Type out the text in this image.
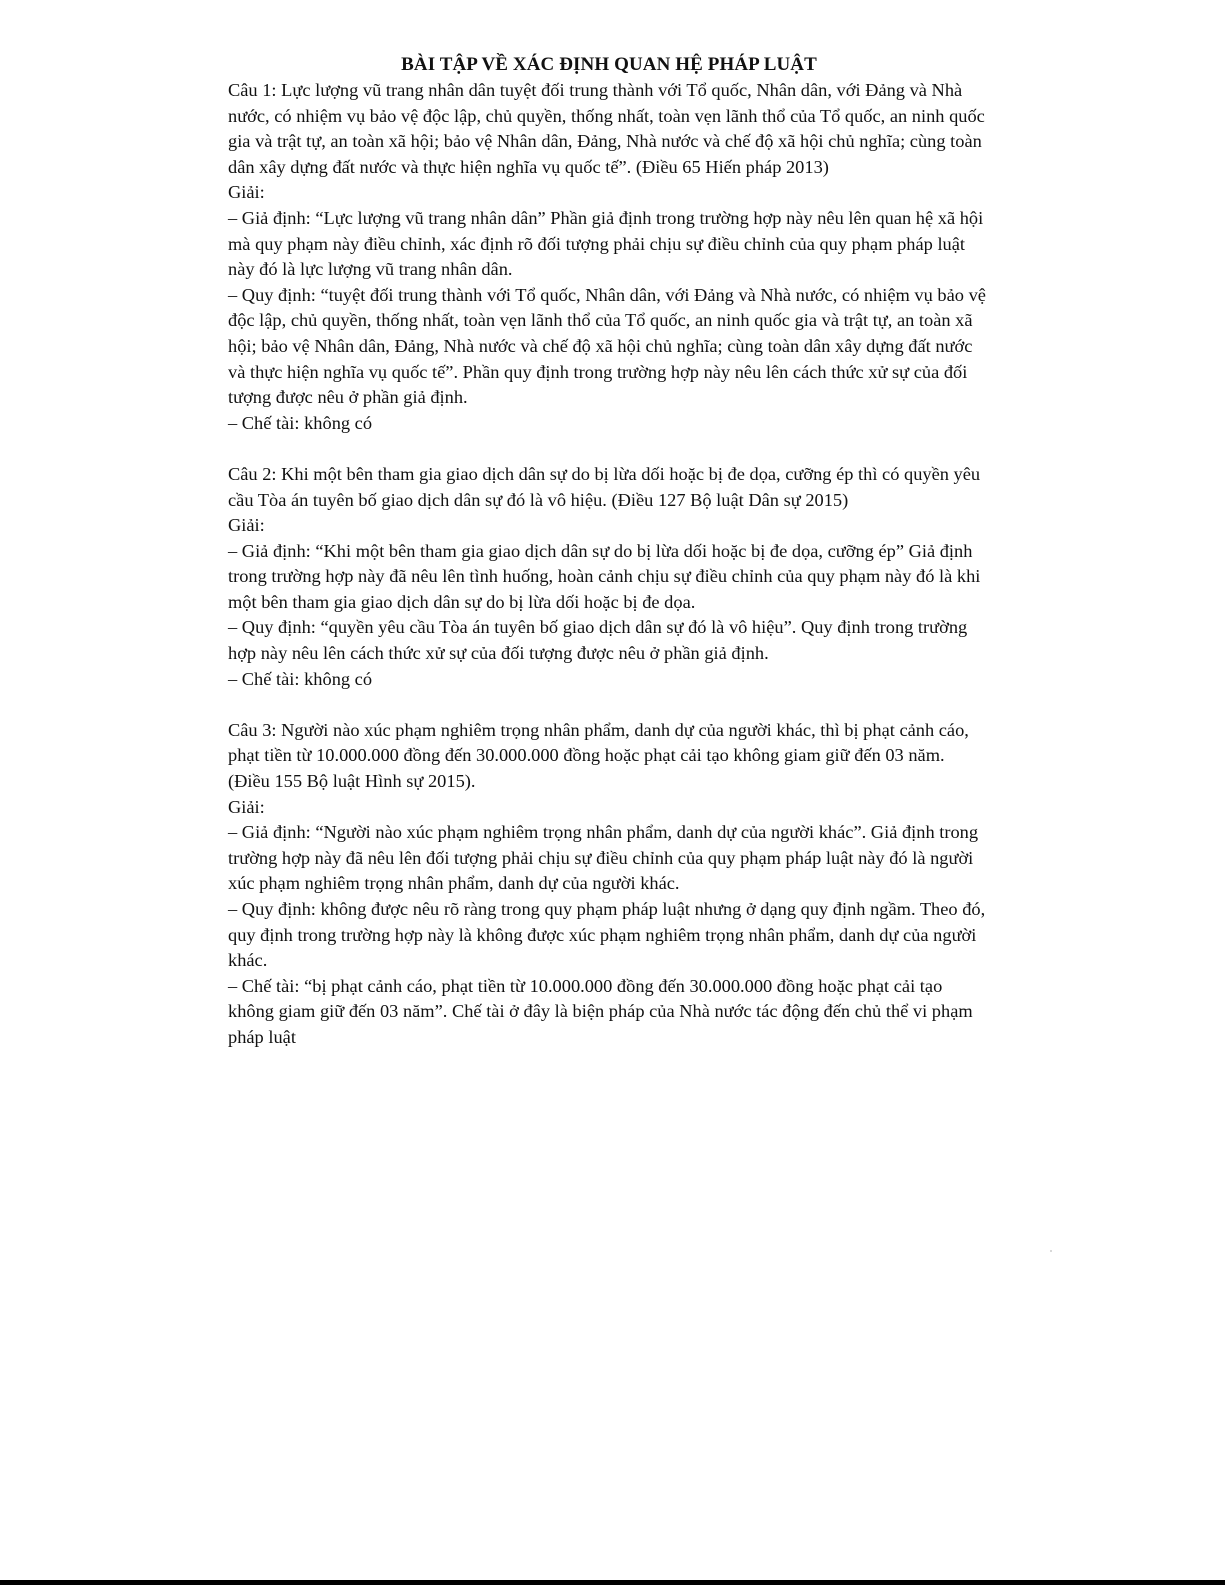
BÀI TẬP VỀ XÁC ĐỊNH QUAN HỆ PHÁP LUẬT

Câu 1: Lực lượng vũ trang nhân dân tuyệt đối trung thành với Tổ quốc, Nhân dân, với Đảng và Nhà nước, có nhiệm vụ bảo vệ độc lập, chủ quyền, thống nhất, toàn vẹn lãnh thổ của Tổ quốc, an ninh quốc gia và trật tự, an toàn xã hội; bảo vệ Nhân dân, Đảng, Nhà nước và chế độ xã hội chủ nghĩa; cùng toàn dân xây dựng đất nước và thực hiện nghĩa vụ quốc tế”. (Điều 65 Hiến pháp 2013)

Giải:

– Giả định: “Lực lượng vũ trang nhân dân” Phần giả định trong trường hợp này nêu lên quan hệ xã hội mà quy phạm này điều chỉnh, xác định rõ đối tượng phải chịu sự điều chỉnh của quy phạm pháp luật này đó là lực lượng vũ trang nhân dân.

– Quy định: “tuyệt đối trung thành với Tổ quốc, Nhân dân, với Đảng và Nhà nước, có nhiệm vụ bảo vệ độc lập, chủ quyền, thống nhất, toàn vẹn lãnh thổ của Tổ quốc, an ninh quốc gia và trật tự, an toàn xã hội; bảo vệ Nhân dân, Đảng, Nhà nước và chế độ xã hội chủ nghĩa; cùng toàn dân xây dựng đất nước và thực hiện nghĩa vụ quốc tế”. Phần quy định trong trường hợp này nêu lên cách thức xử sự của đối tượng được nêu ở phần giả định.

– Chế tài: không có

Câu 2: Khi một bên tham gia giao dịch dân sự do bị lừa dối hoặc bị đe dọa, cưỡng ép thì có quyền yêu cầu Tòa án tuyên bố giao dịch dân sự đó là vô hiệu. (Điều 127 Bộ luật Dân sự 2015)

Giải:

– Giả định: “Khi một bên tham gia giao dịch dân sự do bị lừa dối hoặc bị đe dọa, cưỡng ép” Giả định trong trường hợp này đã nêu lên tình huống, hoàn cảnh chịu sự điều chỉnh của quy phạm này đó là khi một bên tham gia giao dịch dân sự do bị lừa dối hoặc bị đe dọa.

– Quy định: “quyền yêu cầu Tòa án tuyên bố giao dịch dân sự đó là vô hiệu”. Quy định trong trường hợp này nêu lên cách thức xử sự của đối tượng được nêu ở phần giả định.

– Chế tài: không có

Câu 3: Người nào xúc phạm nghiêm trọng nhân phẩm, danh dự của người khác, thì bị phạt cảnh cáo, phạt tiền từ 10.000.000 đồng đến 30.000.000 đồng hoặc phạt cải tạo không giam giữ đến 03 năm. (Điều 155 Bộ luật Hình sự 2015).

Giải:

– Giả định: “Người nào xúc phạm nghiêm trọng nhân phẩm, danh dự của người khác”. Giả định trong trường hợp này đã nêu lên đối tượng phải chịu sự điều chỉnh của quy phạm pháp luật này đó là người xúc phạm nghiêm trọng nhân phẩm, danh dự của người khác.

– Quy định: không được nêu rõ ràng trong quy phạm pháp luật nhưng ở dạng quy định ngầm. Theo đó, quy định trong trường hợp này là không được xúc phạm nghiêm trọng nhân phẩm, danh dự của người khác.

– Chế tài: “bị phạt cảnh cáo, phạt tiền từ 10.000.000 đồng đến 30.000.000 đồng hoặc phạt cải tạo không giam giữ đến 03 năm”. Chế tài ở đây là biện pháp của Nhà nước tác động đến chủ thể vi phạm pháp luật
